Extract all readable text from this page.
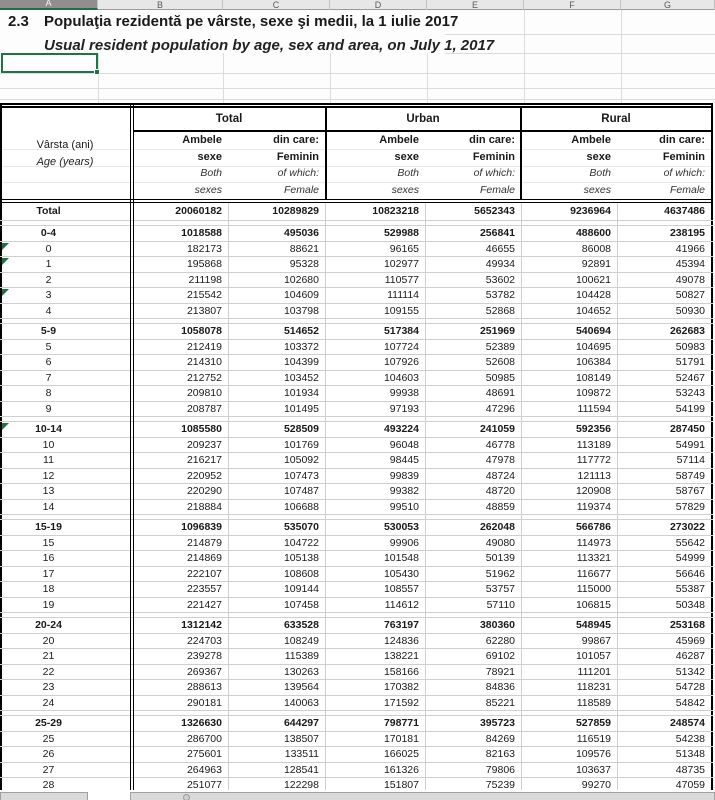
A	B	C	D	E	F	G
2.3 Populaţia rezidentă pe vârste, sexe şi medii, la 1 iulie 2017
Usual resident population by age, sex and area, on July 1, 2017
Vârsta (ani)
Age (years)
Total	Urban	Rural
Ambele
sexe
Both
sexes
din care:
Feminin
of which:
Female
Ambele
sexe
Both
sexes
din care:
Feminin
of which:
Female
Ambele
sexe
Both
sexes
din care:
Feminin
of which:
Female
Total	20060182	10289829	10823218	5652343	9236964	4637486
0-4	1018588	495036	529988	256841	488600	238195
0	182173	88621	96165	46655	86008	41966
1	195868	95328	102977	49934	92891	45394
2	211198	102680	110577	53602	100621	49078
3	215542	104609	111114	53782	104428	50827
4	213807	103798	109155	52868	104652	50930
5-9	1058078	514652	517384	251969	540694	262683
5	212419	103372	107724	52389	104695	50983
6	214310	104399	107926	52608	106384	51791
7	212752	103452	104603	50985	108149	52467
8	209810	101934	99938	48691	109872	53243
9	208787	101495	97193	47296	111594	54199
10-14	1085580	528509	493224	241059	592356	287450
10	209237	101769	96048	46778	113189	54991
11	216217	105092	98445	47978	117772	57114
12	220952	107473	99839	48724	121113	58749
13	220290	107487	99382	48720	120908	58767
14	218884	106688	99510	48859	119374	57829
15-19	1096839	535070	530053	262048	566786	273022
15	214879	104722	99906	49080	114973	55642
16	214869	105138	101548	50139	113321	54999
17	222107	108608	105430	51962	116677	56646
18	223557	109144	108557	53757	115000	55387
19	221427	107458	114612	57110	106815	50348
20-24	1312142	633528	763197	380360	548945	253168
20	224703	108249	124836	62280	99867	45969
21	239278	115389	138221	69102	101057	46287
22	269367	130263	158166	78921	111201	51342
23	288613	139564	170382	84836	118231	54728
24	290181	140063	171592	85221	118589	54842
25-29	1326630	644297	798771	395723	527859	248574
25	286700	138507	170181	84269	116519	54238
26	275601	133511	166025	82163	109576	51348
27	264963	128541	161326	79806	103637	48735
28	251077	122298	151807	75239	99270	47059
